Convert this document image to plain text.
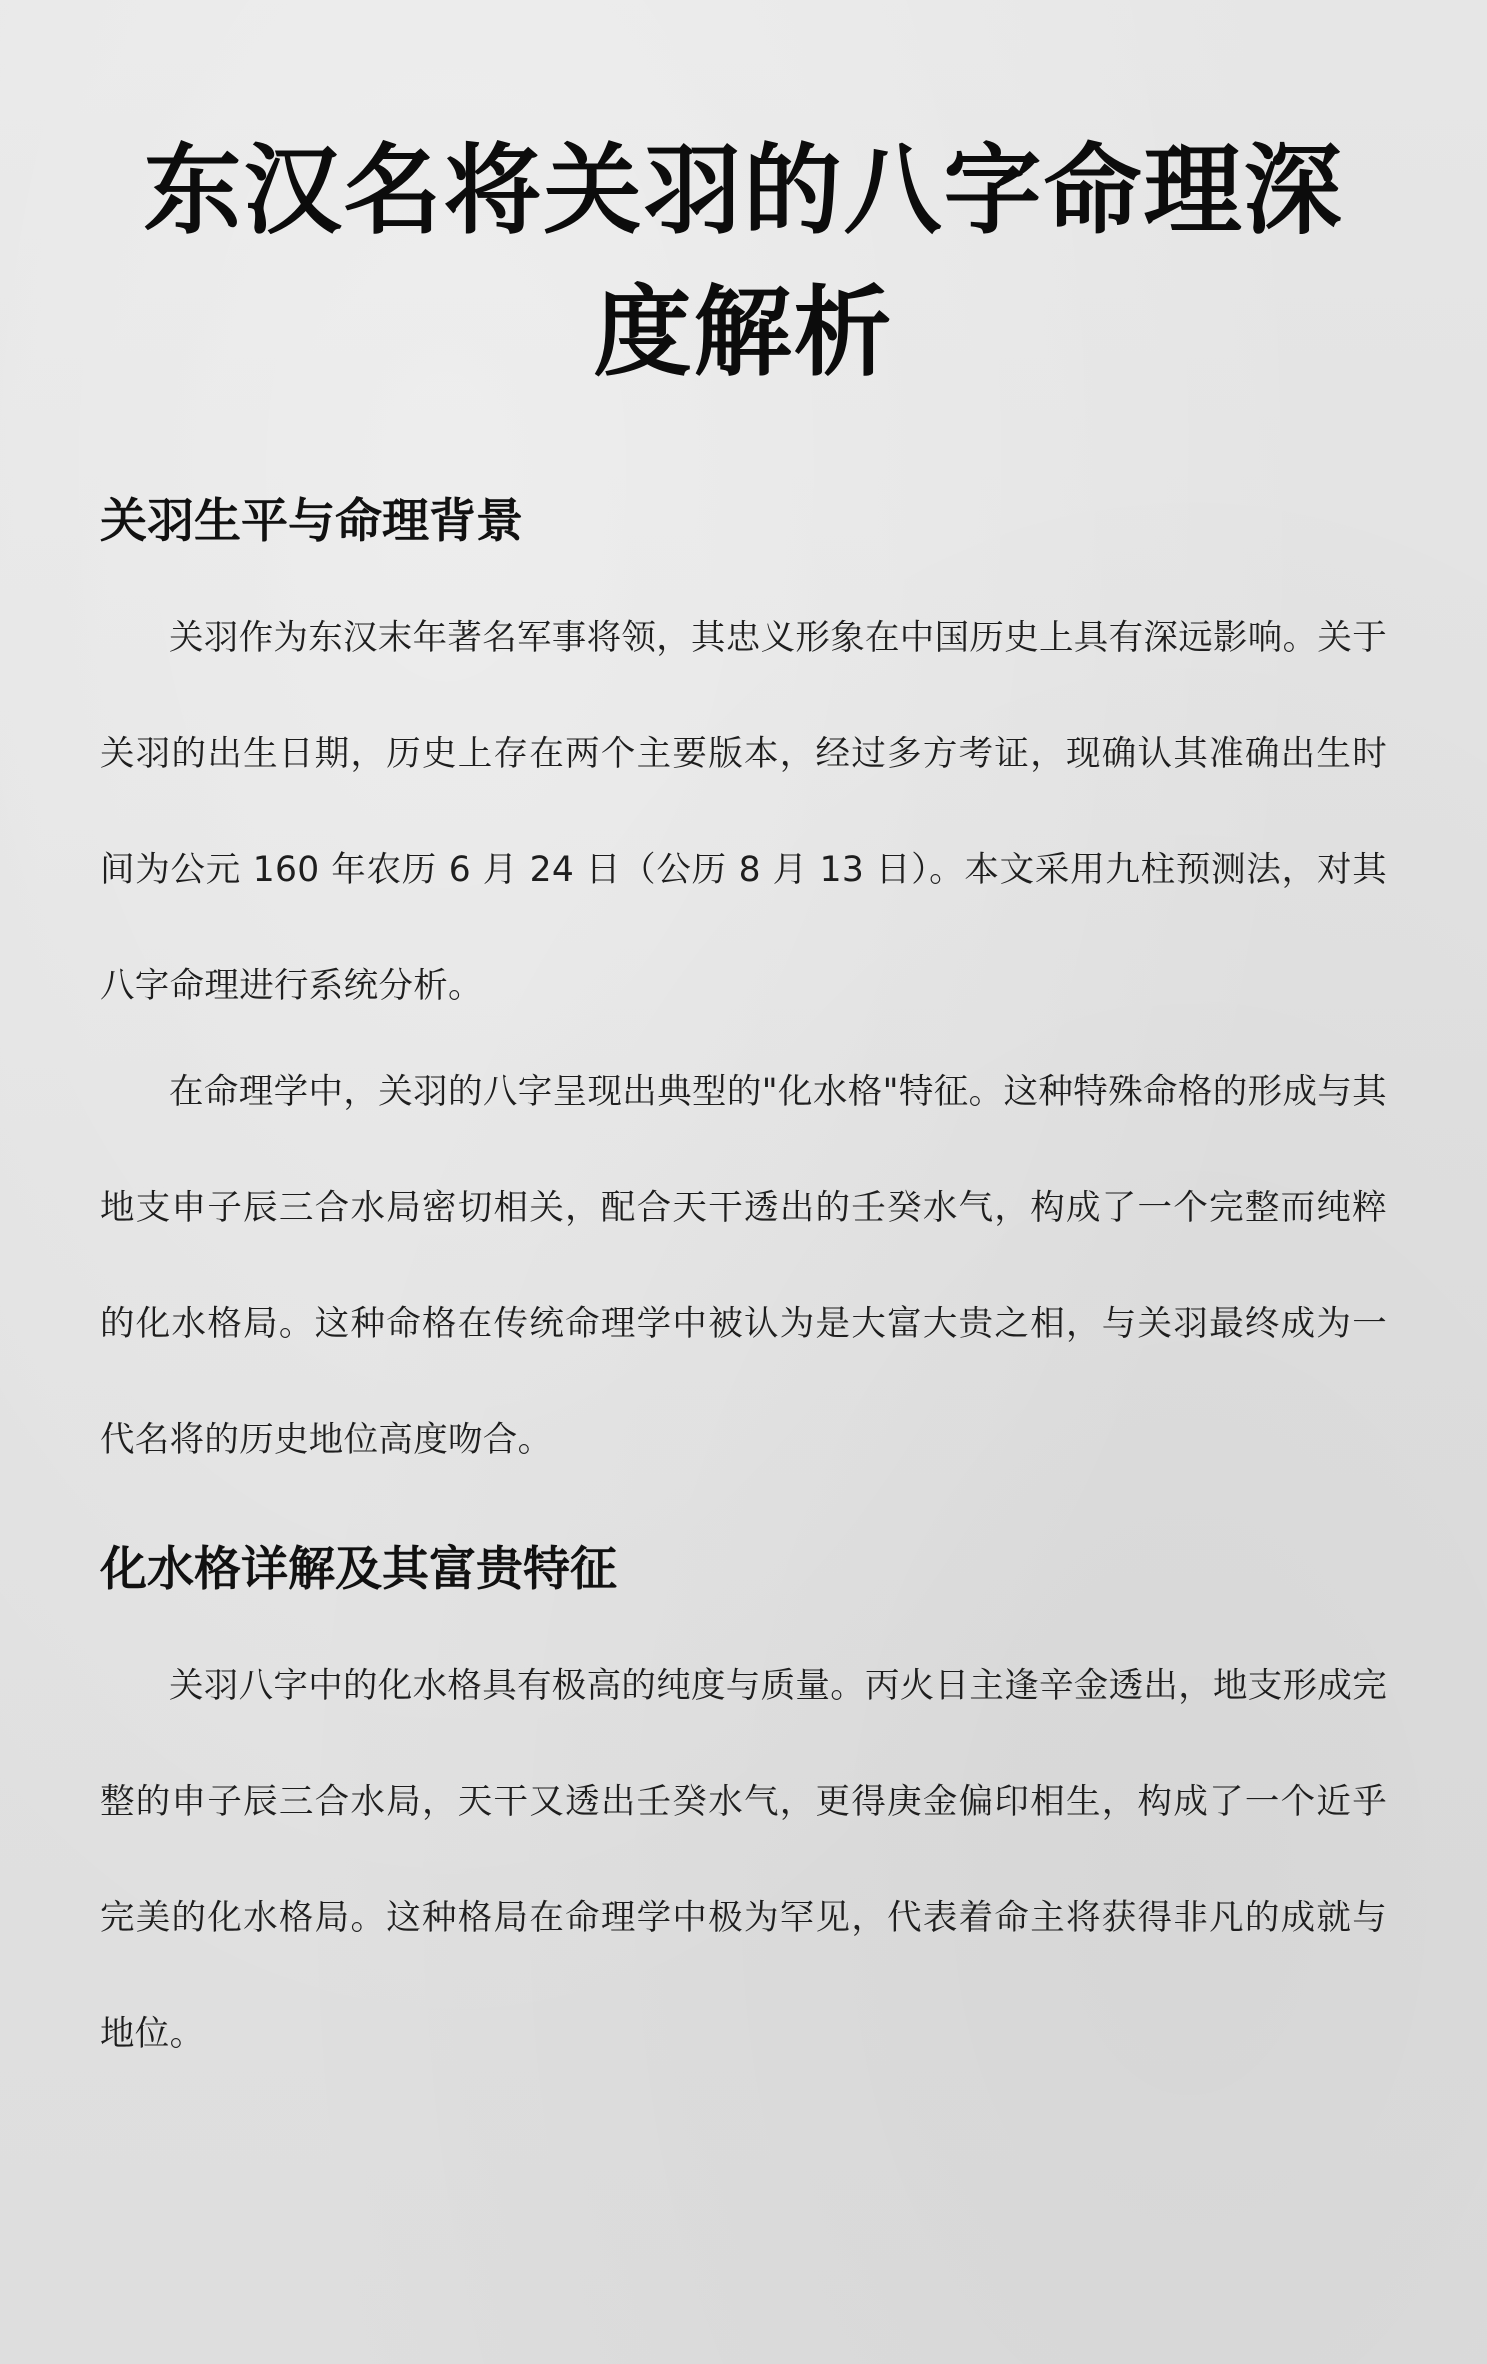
东汉名将关羽的八字命理深度解析
关羽生平与命理背景

关羽作为东汉末年著名军事将领，其忠义形象在中国历史上具有深远影响。关于关羽的出生日期，历史上存在两个主要版本，经过多方考证，现确认其准确出生时间为公元 160 年农历 6 月 24 日（公历 8 月 13 日）。本文采用九柱预测法，对其八字命理进行系统分析。

在命理学中，关羽的八字呈现出典型的"化水格"特征。这种特殊命格的形成与其地支申子辰三合水局密切相关，配合天干透出的壬癸水气，构成了一个完整而纯粹的化水格局。这种命格在传统命理学中被认为是大富大贵之相，与关羽最终成为一代名将的历史地位高度吻合。

化水格详解及其富贵特征

关羽八字中的化水格具有极高的纯度与质量。丙火日主逢辛金透出，地支形成完整的申子辰三合水局，天干又透出壬癸水气，更得庚金偏印相生，构成了一个近乎完美的化水格局。这种格局在命理学中极为罕见，代表着命主将获得非凡的成就与地位。
